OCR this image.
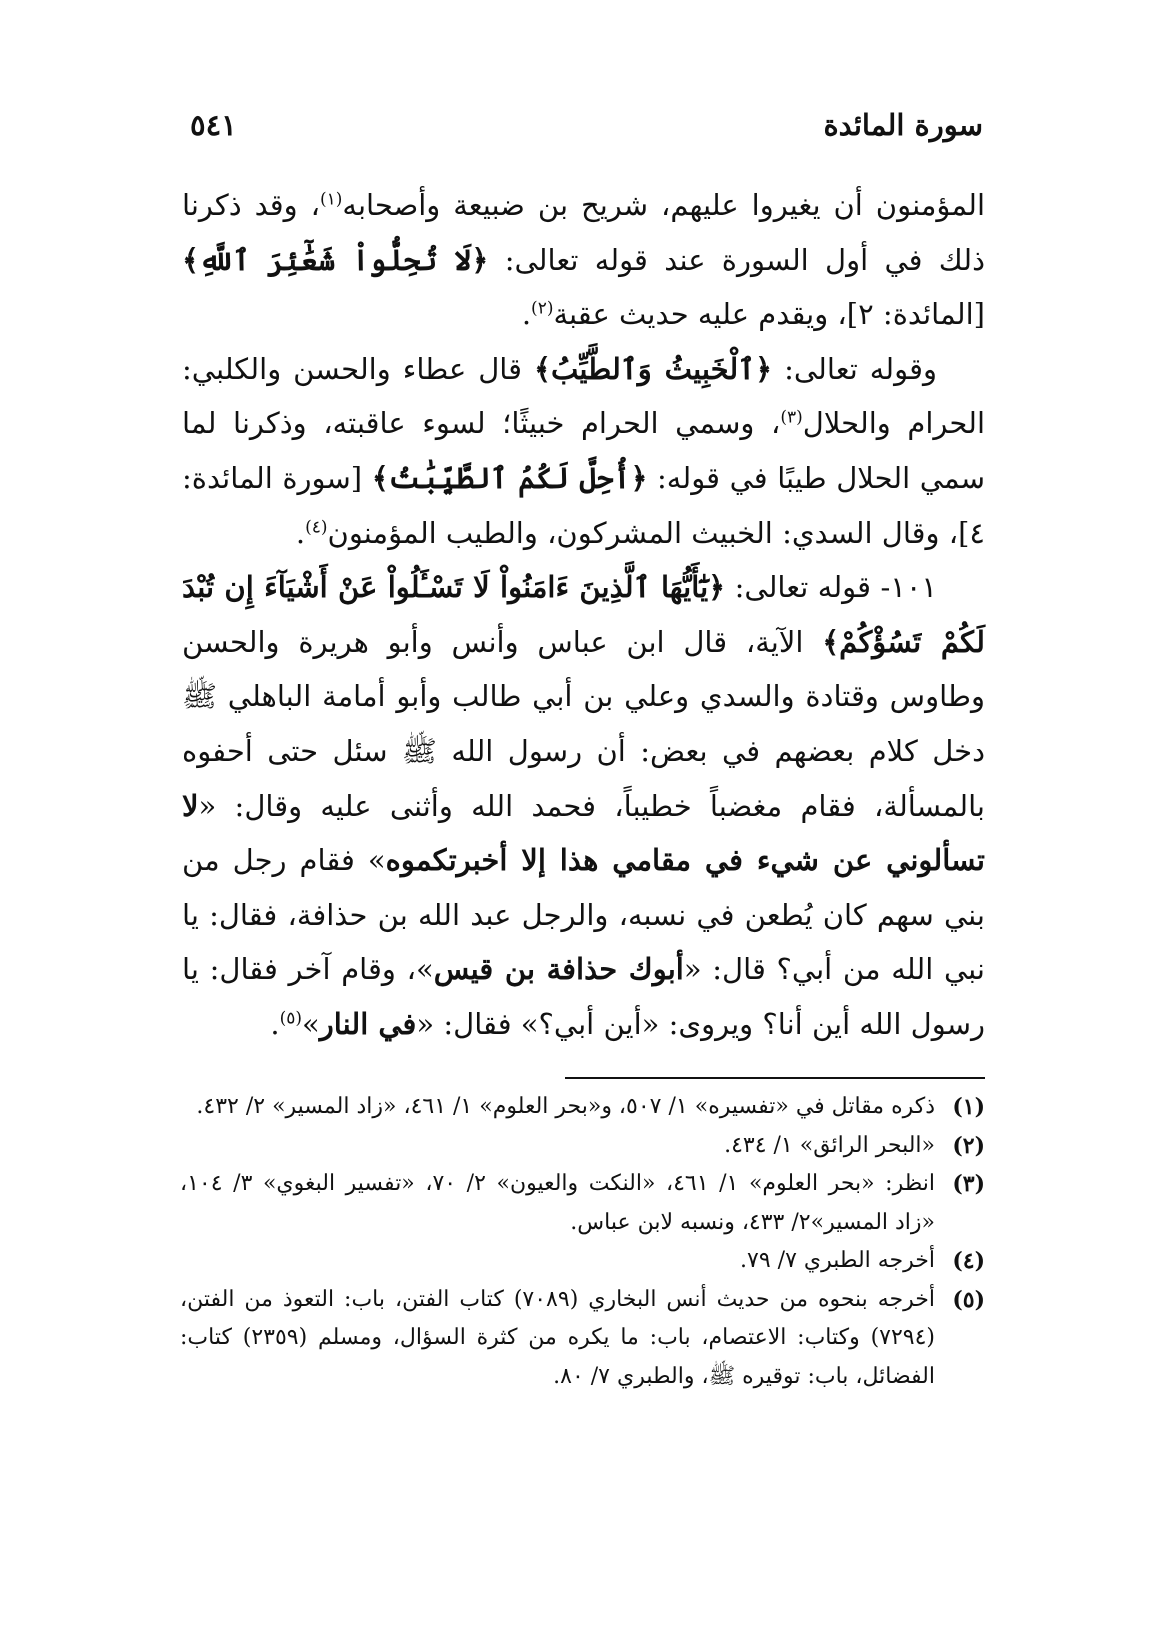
سورة المائدة
٥٤١

المؤمنون أن يغيروا عليهم، شريح بن ضبيعة وأصحابه$^{(١)}$، وقد ذكرنا ذلك في أول السورة عند قوله تعالى: ﴿لَا تُحِلُّواْ شَعَٰٓئِرَ ٱللَّهِ﴾ [المائدة: ٢]، ويقدم عليه حديث عقبة$^{(٢)}$.

وقوله تعالى: ﴿ٱلْخَبِيثُ وَٱلطَّيِّبُ﴾ قال عطاء والحسن والكلبي: الحرام والحلال$^{(٣)}$، وسمي الحرام خبيثًا؛ لسوء عاقبته، وذكرنا لما سمي الحلال طيبًا في قوله: ﴿أُحِلَّ لَكُمُ ٱلطَّيِّبَٰتُ﴾ [سورة المائدة: ٤]، وقال السدي: الخبيث المشركون، والطيب المؤمنون$^{(٤)}$.

١٠١- قوله تعالى: ﴿يَٰٓأَيُّهَا ٱلَّذِينَ ءَامَنُواْ لَا تَسْـَٔلُواْ عَنْ أَشْيَآءَ إِن تُبْدَ لَكُمْ تَسُؤْكُمْ﴾ الآية، قال ابن عباس وأنس وأبو هريرة والحسن وطاوس وقتادة والسدي وعلي بن أبي طالب وأبو أمامة الباهلي ﷺ دخل كلام بعضهم في بعض: أن رسول الله ﷺ سئل حتى أحفوه بالمسألة، فقام مغضباً خطيباً، فحمد الله وأثنى عليه وقال: «لا تسألوني عن شيء في مقامي هذا إلا أخبرتكموه» فقام رجل من بني سهم كان يُطعن في نسبه، والرجل عبد الله بن حذافة، فقال: يا نبي الله من أبي؟ قال: «أبوك حذافة بن قيس»، وقام آخر فقال: يا رسول الله أين أنا؟ ويروى: «أين أبي؟» فقال: «في النار»$^{(٥)}$.

(١)
ذكره مقاتل في «تفسيره» ١/ ٥٠٧، و«بحر العلوم» ١/ ٤٦١، «زاد المسير» ٢/ ٤٣٢.
(٢)
«البحر الرائق» ١/ ٤٣٤.
(٣)
انظر: «بحر العلوم» ١/ ٤٦١، «النكت والعيون» ٢/ ٧٠، «تفسير البغوي» ٣/ ١٠٤، «زاد المسير»٢/ ٤٣٣، ونسبه لابن عباس.
(٤)
أخرجه الطبري ٧/ ٧٩.
(٥)
أخرجه بنحوه من حديث أنس البخاري (٧٠٨٩) كتاب الفتن، باب: التعوذ من الفتن، (٧٢٩٤) وكتاب: الاعتصام، باب: ما يكره من كثرة السؤال، ومسلم (٢٣٥٩) كتاب: الفضائل، باب: توقيره ﷺ، والطبري ٧/ ٨٠.
